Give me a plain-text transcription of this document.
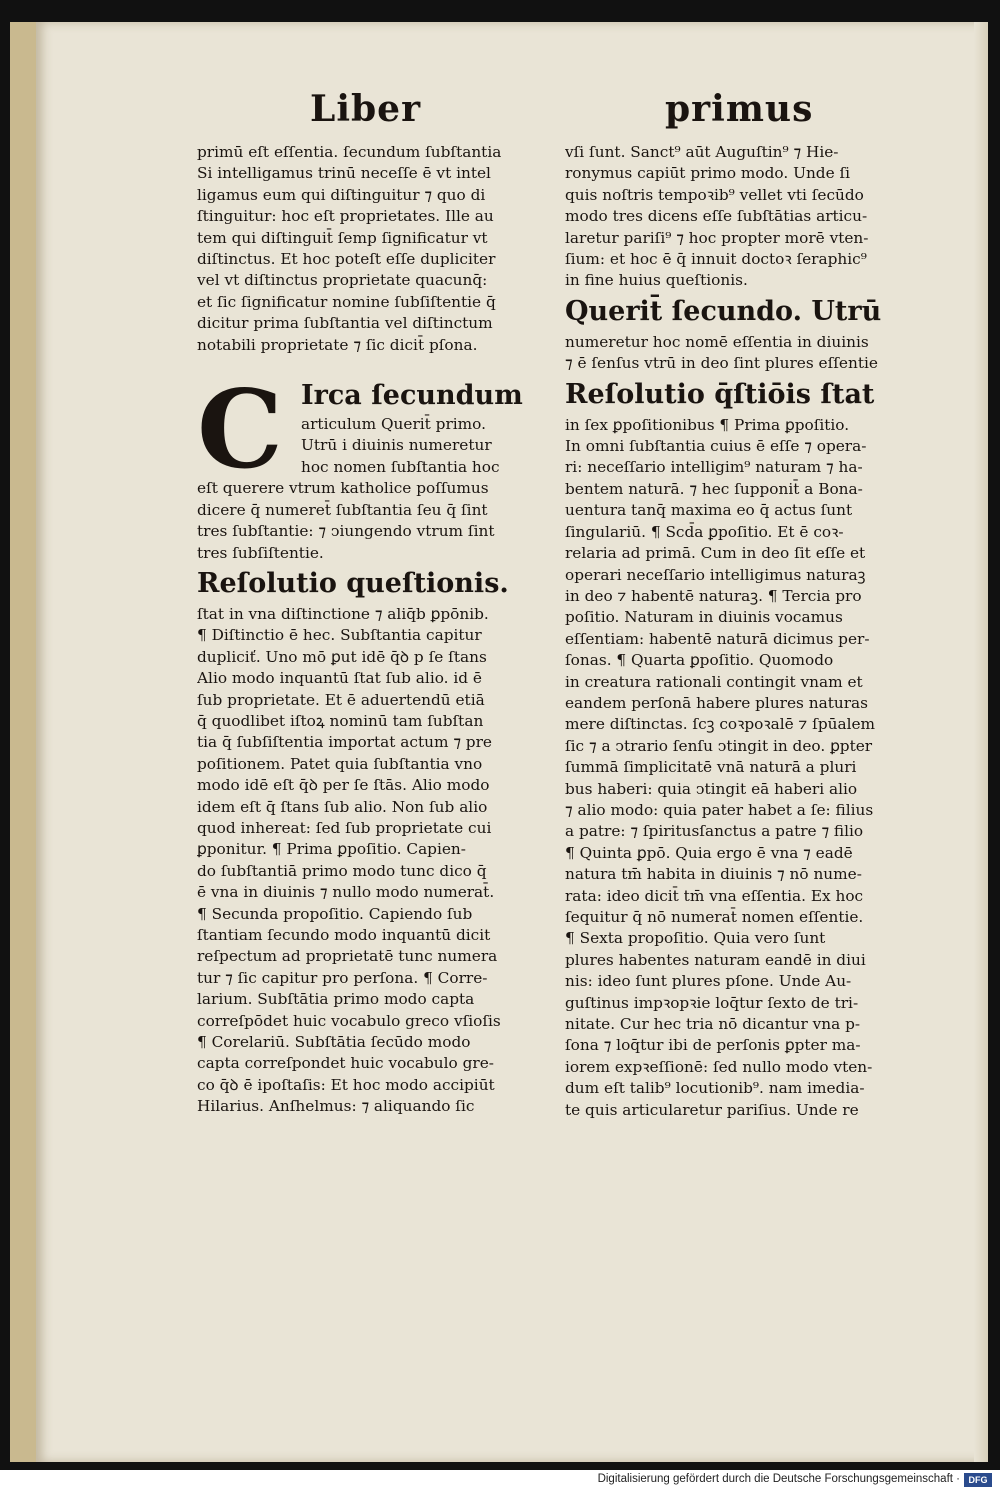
Liber	primus
primū eſt eſſentia. ſecundum ſubſtantia
Si intelligamus trinū neceſſe ē vt intel
ligamus eum qui diſtinguitur ⁊ quo di
ſtinguitur: hoc eſt proprietates. Ille au
tem qui diſtinguit̄ ſemp ſignificatur vt
diſtinctus. Et hoc poteſt eſſe dupliciter
vel vt diſtinctus proprietate quacunq̄:
et ſic ſignificatur nomine ſubſiſtentie q̄
dicitur prima ſubſtantia vel diſtinctum
notabili proprietate ⁊ ſic dicit̄ pſona.
C Irca ſecundum
articulum Querit̄ primo.
Utrū i diuinis numeretur
hoc nomen ſubſtantia hoc
eſt querere vtrum katholice poſſumus
dicere q̄ numeret̄ ſubſtantia ſeu q̄ ſint
tres ſubſtantie: ⁊ ↄiungendo vtrum ſint
tres ſubſiſtentie.
Reſolutio queſtionis.
ſtat in vna diſtinctione ⁊ aliq̄b ꝑpōnib.
¶ Diſtinctio ē hec. Subſtantia capitur
dupliciť. Uno mō ꝑut idē q̄ꝺ p ſe ſtans
Alio modo inquantū ſtat ſub alio. id ē
ſub proprietate. Et ē aduertendū etiā
q̄ quodlibet iſtoꝝ nominū tam ſubſtan
tia q̄ ſubſiſtentia importat actum ⁊ pre
poſitionem. Patet quia ſubſtantia vno
modo idē eſt q̄ꝺ per ſe ſtās. Alio modo
idem eſt q̄ ſtans ſub alio. Non ſub alio
quod inhereat: ſed ſub proprietate cui
ꝑponitur. ¶ Prima ꝑpoſitio. Capien-
do ſubſtantiā primo modo tunc dico q̄
ē vna in diuinis ⁊ nullo modo numerat̄.
¶ Secunda propoſitio. Capiendo ſub
ſtantiam ſecundo modo inquantū dicit
reſpectum ad proprietatē tunc numera
tur ⁊ ſic capitur pro perſona. ¶ Corre-
larium. Subſtātia primo modo capta
correſpōdet huic vocabulo greco vſioſis
¶ Corelariū. Subſtātia ſecūdo modo
capta correſpondet huic vocabulo gre-
co q̄ꝺ ē ipoſtaſis: Et hoc modo accipiūt
Hilarius. Anſhelmus: ⁊ aliquando ſic
vſi ſunt. Sanct⁹ aūt Auguſtin⁹ ⁊ Hie-
ronymus capiūt primo modo. Unde ſi
quis noſtris tempoꝛib⁹ vellet vti ſecūdo
modo tres dicens eſſe ſubſtātias articu-
laretur pariſi⁹ ⁊ hoc propter morē vten-
ſium: et hoc ē q̄ innuit doctoꝛ ſeraphic⁹
in fine huius queſtionis.
Querit̄ ſecundo. Utrū
numeretur hoc nomē eſſentia in diuinis
⁊ ē ſenſus vtrū in deo ſint plures eſſentie
Reſolutio q̄ſtiōis ſtat
in ſex ꝑpoſitionibus ¶ Prima ꝑpoſitio.
In omni ſubſtantia cuius ē eſſe ⁊ opera-
ri: neceſſario intelligim⁹ naturam ⁊ ha-
bentem naturā. ⁊ hec ſupponit̄ a Bona-
uentura tanq̄ maxima eo q̄ actus ſunt
ſingulariū. ¶ Scd̄a ꝑpoſitio. Et ē coꝛ-
relaria ad primā. Cum in deo ſit eſſe et
operari neceſſario intelligimus naturaꝫ
in deo ⁊ habentē naturaꝫ. ¶ Tercia pro
poſitio. Naturam in diuinis vocamus
eſſentiam: habentē naturā dicimus per-
ſonas. ¶ Quarta ꝑpoſitio. Quomodo
in creatura rationali contingit vnam et
eandem perſonā habere plures naturas
mere diſtinctas. ſcꝫ coꝛpoꝛalē ⁊ ſpūalem
ſic ⁊ a ↄtrario ſenſu ↄtingit in deo. ꝑpter
ſummā ſimplicitatē vnā naturā a pluri
bus haberi: quia ↄtingit eā haberi alio
⁊ alio modo: quia pater habet a ſe: filius
a patre: ⁊ ſpiritusſanctus a patre ⁊ filio
¶ Quinta ꝑpō. Quia ergo ē vna ⁊ eadē
natura tm̄ habita in diuinis ⁊ nō nume-
rata: ideo dicit̄ tm̄ vna eſſentia. Ex hoc
ſequitur q̄ nō numerat̄ nomen eſſentie.
¶ Sexta propoſitio. Quia vero ſunt
plures habentes naturam eandē in diui
nis: ideo ſunt plures pſone. Unde Au-
guſtinus impꝛopꝛie loq̄tur ſexto de tri-
nitate. Cur hec tria nō dicantur vna p-
ſona ⁊ loq̄tur ibi de perſonis ꝑpter ma-
iorem expꝛeſſionē: ſed nullo modo vten-
dum eſt talib⁹ locutionib⁹. nam imedia-
te quis articularetur pariſius. Unde re
Digitalisierung gefördert durch die Deutsche Forschungsgemeinschaft · DFG
